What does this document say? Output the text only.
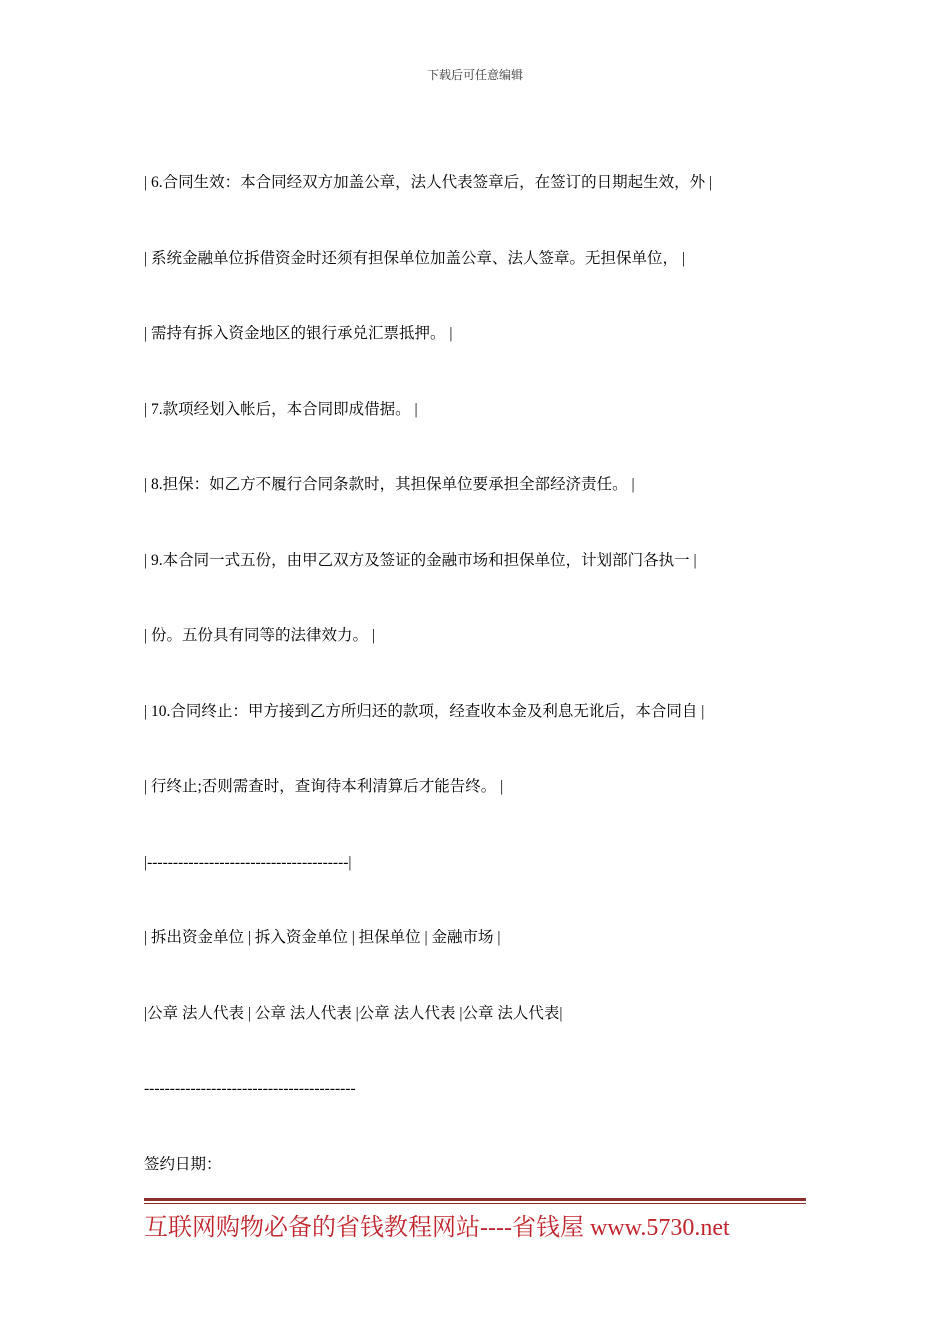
下载后可任意编辑
| 6.合同生效：本合同经双方加盖公章，法人代表签章后，在签订的日期起生效，外 |
| 系统金融单位拆借资金时还须有担保单位加盖公章、法人签章。无担保单位， |
| 需持有拆入资金地区的银行承兑汇票抵押。 |
| 7.款项经划入帐后，本合同即成借据。 |
| 8.担保：如乙方不履行合同条款时，其担保单位要承担全部经济责任。 |
| 9.本合同一式五份，由甲乙双方及签证的金融市场和担保单位，计划部门各执一 |
| 份。五份具有同等的法律效力。 |
| 10.合同终止：甲方接到乙方所归还的款项，经查收本金及利息无讹后，本合同自 |
| 行终止;否则需查时，查询待本利清算后才能告终。 |
|---------------------------------------|
| 拆出资金单位 | 拆入资金单位 | 担保单位 | 金融市场 |
|公章 法人代表 | 公章 法人代表 |公章 法人代表 |公章 法人代表|
-----------------------------------------
签约日期：
互联网购物必备的省钱教程网站----省钱屋 www.5730.net
